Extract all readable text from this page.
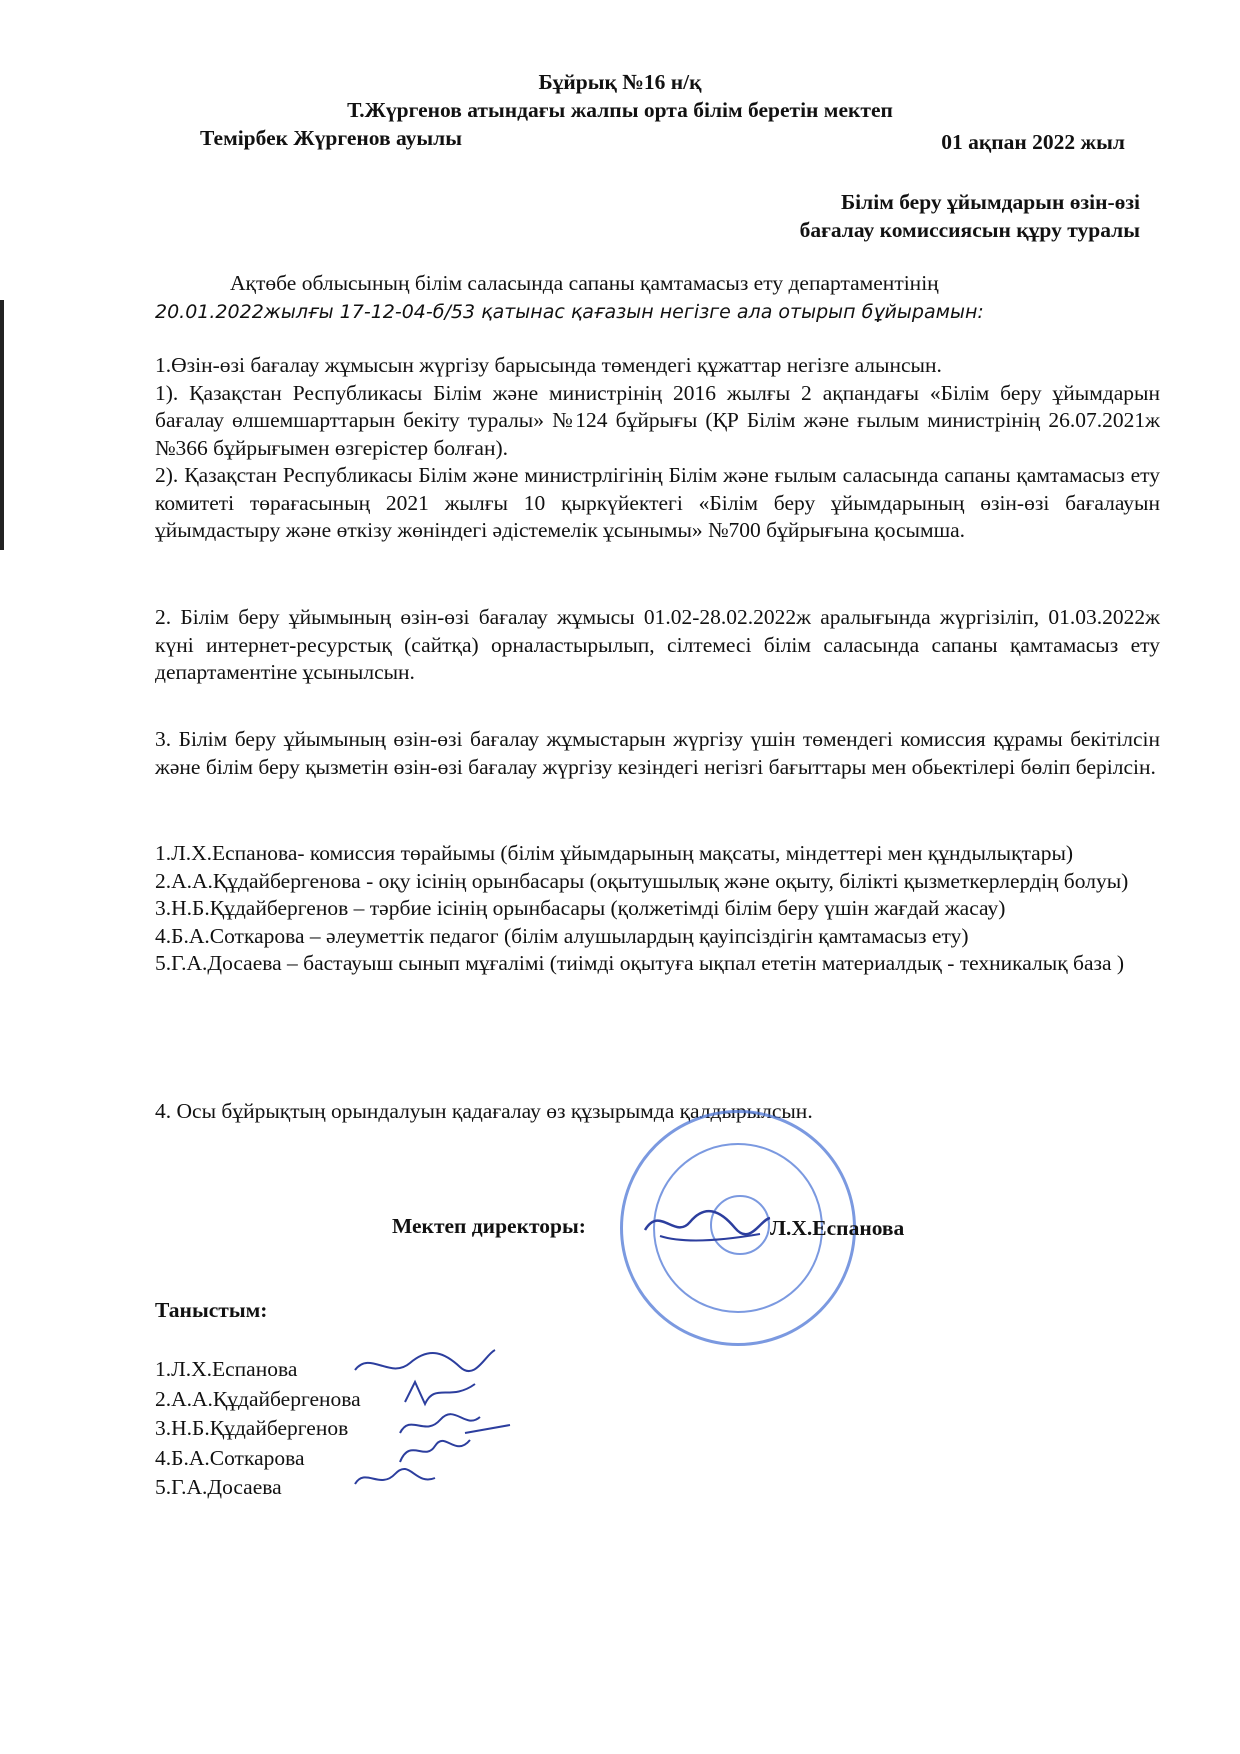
Бұйрық №16 н/қ
Т.Жүргенов атындағы жалпы орта білім беретін мектеп
Темірбек Жүргенов ауылы	01 ақпан 2022 жыл
Білім беру ұйымдарын өзін-өзі
бағалау комиссиясын құру туралы
Ақтөбе облысының білім саласында сапаны қамтамасыз ету департаментінің
20.01.2022жылғы 17-12-04-б/53 қатынас қағазын негізге ала отырып бұйырамын:
1.Өзін-өзі бағалау жұмысын жүргізу барысында төмендегі құжаттар негізге алынсын.
1). Қазақстан Республикасы Білім және министрінің 2016 жылғы 2 ақпандағы «Білім беру ұйымдарын бағалау өлшемшарттарын бекіту туралы» №124 бұйрығы (ҚР Білім және ғылым министрінің 26.07.2021ж №366 бұйрығымен өзгерістер болған).
2). Қазақстан Республикасы Білім және министрлігінің Білім және ғылым саласында сапаны қамтамасыз ету комитеті төрағасының 2021 жылғы 10 қыркүйектегі «Білім беру ұйымдарының өзін-өзі бағалауын ұйымдастыру және өткізу жөніндегі әдістемелік ұсынымы» №700 бұйрығына қосымша.
2. Білім беру ұйымының өзін-өзі бағалау жұмысы 01.02-28.02.2022ж аралығында жүргізіліп, 01.03.2022ж күні интернет-ресурстық (сайтқа) орналастырылып, сілтемесі білім саласында сапаны қамтамасыз ету департаментіне ұсынылсын.
3. Білім беру ұйымының өзін-өзі бағалау жұмыстарын жүргізу үшін төмендегі комиссия құрамы бекітілсін және білім беру қызметін өзін-өзі бағалау жүргізу кезіндегі негізгі бағыттары мен обьектілері бөліп берілсін.
1.Л.Х.Еспанова- комиссия төрайымы (білім ұйымдарының мақсаты, міндеттері мен құндылықтары)
2.А.А.Құдайбергенова - оқу ісінің орынбасары (оқытушылық және оқыту, білікті қызметкерлердің болуы)
3.Н.Б.Құдайбергенов – тәрбие ісінің орынбасары (қолжетімді білім беру үшін жағдай жасау)
4.Б.А.Соткарова – әлеуметтік педагог (білім алушылардың қауіпсіздігін қамтамасыз ету)
5.Г.А.Досаева – бастауыш сынып мұғалімі (тиімді оқытуға ықпал ететін материалдық - техникалық база )
4. Осы бұйрықтың орындалуын қадағалау өз құзырымда қалдырылсын.
Мектеп директоры:	Л.Х.Еспанова
Таныстым:
1.Л.Х.Еспанова
2.А.А.Құдайбергенова
3.Н.Б.Құдайбергенов
4.Б.А.Соткарова
5.Г.А.Досаева
